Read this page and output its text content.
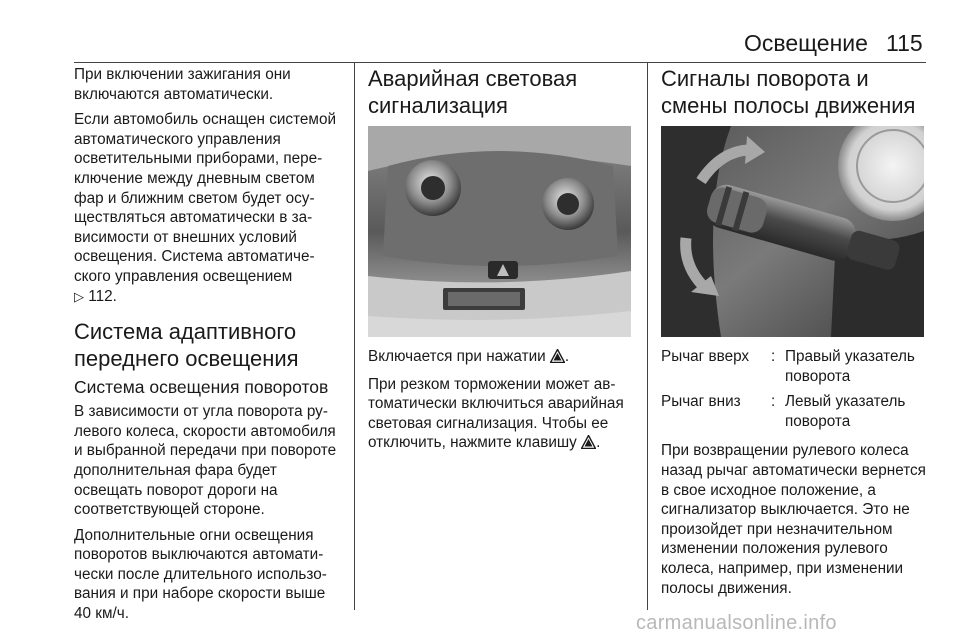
Освещение 115

При включении зажигания они включаются автоматически.

Если автомобиль оснащен системой автоматического управления осветительными приборами, переключение между дневным светом фар и ближним светом будет осуществляться автоматически в зависимости от внешних условий освещения. Система автоматического управления освещением
▷ 112.

Система адаптивного переднего освещения
Система освещения поворотов

В зависимости от угла поворота рулевого колеса, скорости автомобиля и выбранной передачи при повороте дополнительная фара будет освещать поворот дороги на соответствующей стороне.

Дополнительные огни освещения поворотов выключаются автоматически после длительного использования и при наборе скорости выше 40 км/ч.

Аварийная световая сигнализация

Включается при нажатии .

При резком торможении может автоматически включиться аварийная световая сигнализация. Чтобы ее отключить, нажмите клавишу .

Сигналы поворота и смены полосы движения
Рычаг вверх	: Правый указатель поворота
Рычаг вниз	: Левый указатель поворота

При возвращении рулевого колеса назад рычаг автоматически вернется в свое исходное положение, а сигнализатор выключается. Это не произойдет при незначительном изменении положения рулевого колеса, например, при изменении полосы движения.

carmanualsonline.info
